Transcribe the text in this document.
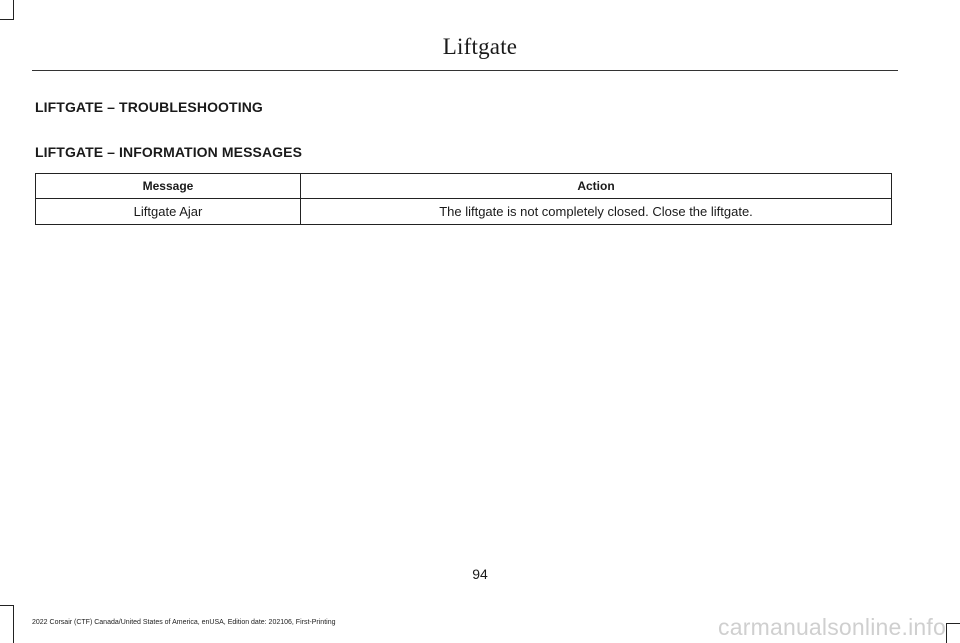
Liftgate
LIFTGATE – TROUBLESHOOTING
LIFTGATE – INFORMATION MESSAGES
Message	Action
Liftgate Ajar	The liftgate is not completely closed. Close the liftgate.
94
2022 Corsair (CTF) Canada/United States of America, enUSA, Edition date: 202106, First-Printing	carmanualsonline.info
